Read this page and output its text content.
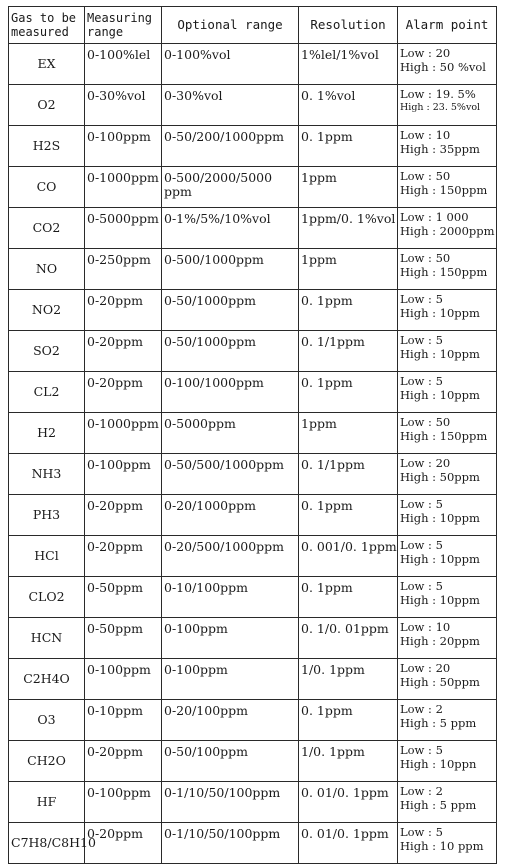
Gas to be measured	Measuring range	Optional range	Resolution	Alarm point
EX	0-100%lel	0-100%vol	1%lel/1%vol	Low : 20
High : 50 %vol

O2	0-30%vol	0-30%vol	0. 1%vol	Low : 19. 5%
High : 23. 5%vol

H2S	0-100ppm	0-50/200/1000ppm	0. 1ppm	Low : 10
High : 35ppm

CO	0-1000ppm	0-500/2000/5000 ppm	1ppm	Low : 50
High : 150ppm

CO2	0-5000ppm	0-1%/5%/10%vol	1ppm/0. 1%vol	Low : 1 000
High : 2000ppm

NO	0-250ppm	0-500/1000ppm	1ppm	Low : 50
High : 150ppm

NO2	0-20ppm	0-50/1000ppm	0. 1ppm	Low : 5
High : 10ppm

SO2	0-20ppm	0-50/1000ppm	0. 1/1ppm	Low : 5
High : 10ppm

CL2	0-20ppm	0-100/1000ppm	0. 1ppm	Low : 5
High : 10ppm

H2	0-1000ppm	0-5000ppm	1ppm	Low : 50
High : 150ppm

NH3	0-100ppm	0-50/500/1000ppm	0. 1/1ppm	Low : 20
High : 50ppm

PH3	0-20ppm	0-20/1000ppm	0. 1ppm	Low : 5
High : 10ppm

HCl	0-20ppm	0-20/500/1000ppm	0. 001/0. 1ppm	Low : 5
High : 10ppm

CLO2	0-50ppm	0-10/100ppm	0. 1ppm	Low : 5
High : 10ppm

HCN	0-50ppm	0-100ppm	0. 1/0. 01ppm	Low : 10
High : 20ppm

C2H4O	0-100ppm	0-100ppm	1/0. 1ppm	Low : 20
High : 50ppm

O3	0-10ppm	0-20/100ppm	0. 1ppm	Low : 2
High : 5 ppm

CH2O	0-20ppm	0-50/100ppm	1/0. 1ppm	Low : 5
High : 10ppn

HF	0-100ppm	0-1/10/50/100ppm	0. 01/0. 1ppm	Low : 2
High : 5 ppm

C7H8/C8H10	0-20ppm	0-1/10/50/100ppm	0. 01/0. 1ppm	Low : 5
High : 10 ppm
